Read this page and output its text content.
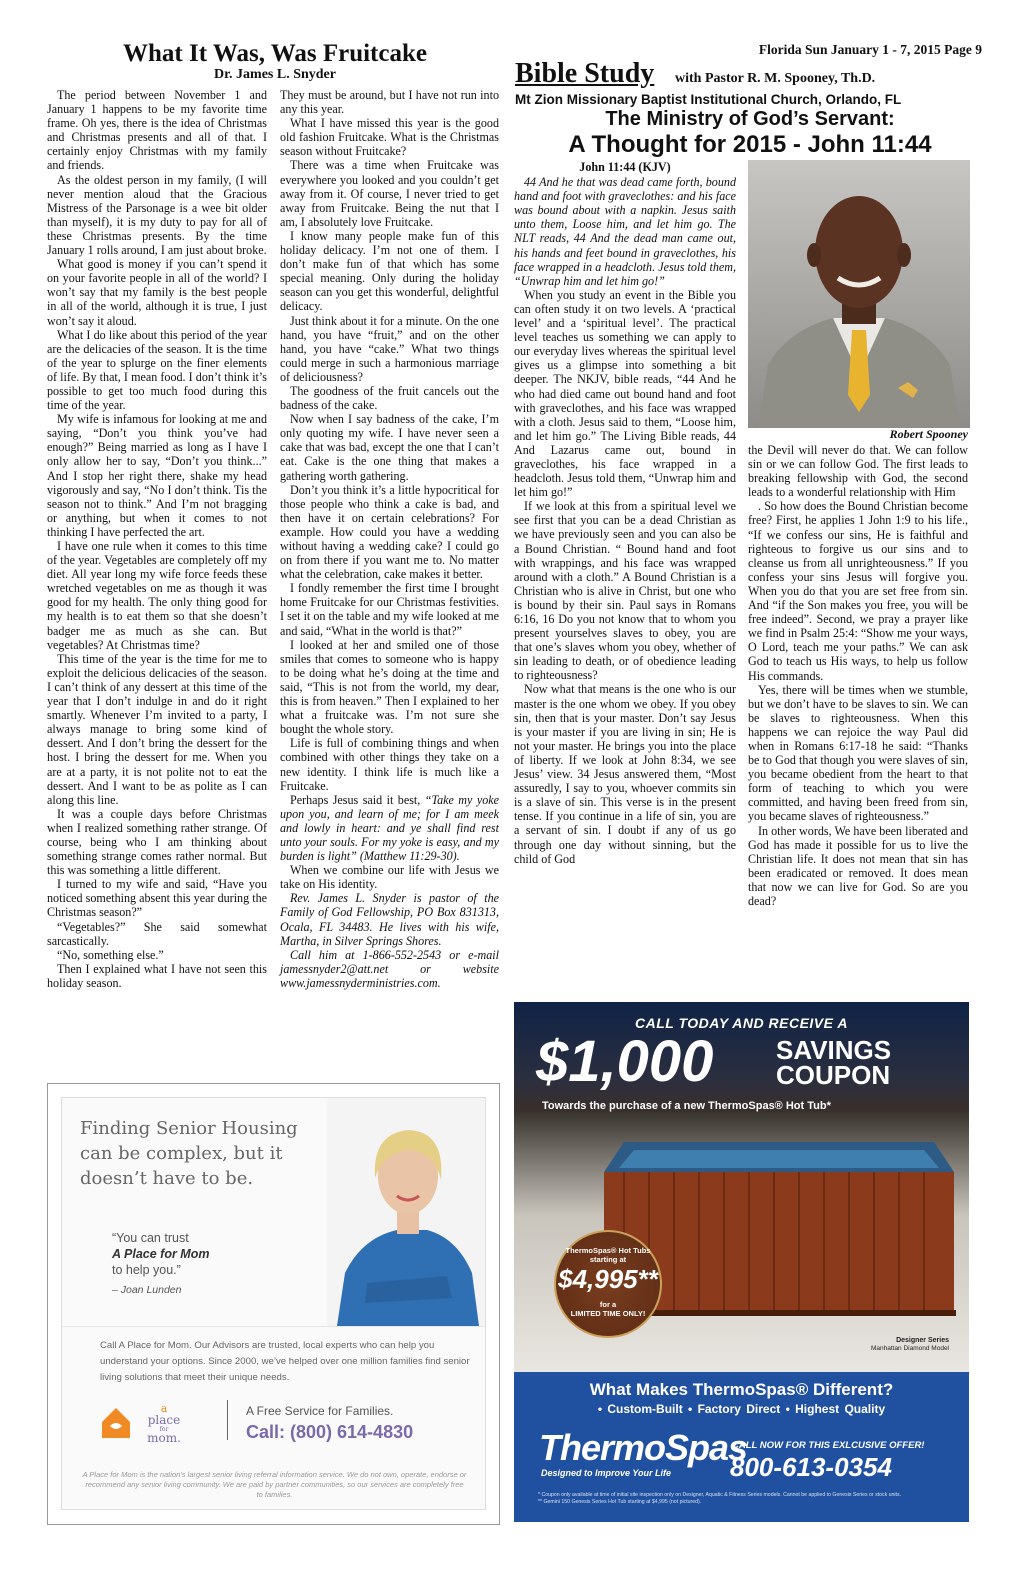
Florida Sun January 1 - 7, 2015 Page 9
What It Was, Was Fruitcake
Dr. James L. Snyder

The period between November 1 and January 1 happens to be my favorite time frame. Oh yes, there is the idea of Christmas and Christmas presents and all of that. I certainly enjoy Christmas with my family and friends.

As the oldest person in my family, (I will never mention aloud that the Gracious Mistress of the Parsonage is a wee bit older than myself), it is my duty to pay for all of these Christmas presents. By the time January 1 rolls around, I am just about broke.

What good is money if you can’t spend it on your favorite people in all of the world? I won’t say that my family is the best people in all of the world, although it is true, I just won’t say it aloud.

What I do like about this period of the year are the delicacies of the season. It is the time of the year to splurge on the finer elements of life. By that, I mean food. I don’t think it’s possible to get too much food during this time of the year.

My wife is infamous for looking at me and saying, “Don’t you think you’ve had enough?” Being married as long as I have I only allow her to say, “Don’t you think...” And I stop her right there, shake my head vigorously and say, “No I don’t think. Tis the season not to think.” And I’m not bragging or anything, but when it comes to not thinking I have perfected the art.

I have one rule when it comes to this time of the year. Vegetables are completely off my diet. All year long my wife force feeds these wretched vegetables on me as though it was good for my health. The only thing good for my health is to eat them so that she doesn’t badger me as much as she can. But vegetables? At Christmas time?

This time of the year is the time for me to exploit the delicious delicacies of the season. I can’t think of any dessert at this time of the year that I don’t indulge in and do it right smartly. Whenever I’m invited to a party, I always manage to bring some kind of dessert. And I don’t bring the dessert for the host. I bring the dessert for me. When you are at a party, it is not polite not to eat the dessert. And I want to be as polite as I can along this line.

It was a couple days before Christmas when I realized something rather strange. Of course, being who I am thinking about something strange comes rather normal. But this was something a little different.

I turned to my wife and said, “Have you noticed something absent this year during the Christmas season?”

“Vegetables?” She said somewhat sarcastically.

“No, something else.”

Then I explained what I have not seen this holiday season.

They must be around, but I have not run into any this year.

What I have missed this year is the good old fashion Fruitcake. What is the Christmas season without Fruitcake?

There was a time when Fruitcake was everywhere you looked and you couldn’t get away from it. Of course, I never tried to get away from Fruitcake. Being the nut that I am, I absolutely love Fruitcake.

I know many people make fun of this holiday delicacy. I’m not one of them. I don’t make fun of that which has some special meaning. Only during the holiday season can you get this wonderful, delightful delicacy.

Just think about it for a minute. On the one hand, you have “fruit,” and on the other hand, you have “cake.” What two things could merge in such a harmonious marriage of deliciousness?

The goodness of the fruit cancels out the badness of the cake.

Now when I say badness of the cake, I’m only quoting my wife. I have never seen a cake that was bad, except the one that I can’t eat. Cake is the one thing that makes a gathering worth gathering.

Don’t you think it’s a little hypocritical for those people who think a cake is bad, and then have it on certain celebrations? For example. How could you have a wedding without having a wedding cake? I could go on from there if you want me to. No matter what the celebration, cake makes it better.

I fondly remember the first time I brought home Fruitcake for our Christmas festivities. I set it on the table and my wife looked at me and said, “What in the world is that?”

I looked at her and smiled one of those smiles that comes to someone who is happy to be doing what he’s doing at the time and said, “This is not from the world, my dear, this is from heaven.” Then I explained to her what a fruitcake was. I’m not sure she bought the whole story.

Life is full of combining things and when combined with other things they take on a new identity. I think life is much like a Fruitcake.

Perhaps Jesus said it best, “Take my yoke upon you, and learn of me; for I am meek and lowly in heart: and ye shall find rest unto your souls. For my yoke is easy, and my burden is light” (Matthew 11:29-30).

When we combine our life with Jesus we take on His identity.

Rev. James L. Snyder is pastor of the Family of God Fellowship, PO Box 831313, Ocala, FL 34483. He lives with his wife, Martha, in Silver Springs Shores.

Call him at 1-866-552-2543 or e-mail jamessnyder2@att.net or website www.jamessnyderministries.com.

Bible Study with Pastor R. M. Spooney, Th.D.
Mt Zion Missionary Baptist Institutional Church, Orlando, FL
The Ministry of God’s Servant:
A Thought for 2015 - John 11:44

John 11:44 (KJV)

44 And he that was dead came forth, bound hand and foot with graveclothes: and his face was bound about with a napkin. Jesus saith unto them, Loose him, and let him go. The NLT reads, 44 And the dead man came out, his hands and feet bound in graveclothes, his face wrapped in a headcloth. Jesus told them, “Unwrap him and let him go!”

When you study an event in the Bible you can often study it on two levels. A ‘practical level’ and a ‘spiritual level’. The practical level teaches us something we can apply to our everyday lives whereas the spiritual level gives us a glimpse into something a bit deeper. The NKJV, bible reads, “44 And he who had died came out bound hand and foot with graveclothes, and his face was wrapped with a cloth. Jesus said to them, “Loose him, and let him go.” The Living Bible reads, 44 And Lazarus came out, bound in graveclothes, his face wrapped in a headcloth. Jesus told them, “Unwrap him and let him go!”

If we look at this from a spiritual level we see first that you can be a dead Christian as we have previously seen and you can also be a Bound Christian. “ Bound hand and foot with wrappings, and his face was wrapped around with a cloth.” A Bound Christian is a Christian who is alive in Christ, but one who is bound by their sin. Paul says in Romans 6:16, 16 Do you not know that to whom you present yourselves slaves to obey, you are that one’s slaves whom you obey, whether of sin leading to death, or of obedience leading to righteousness?

Now what that means is the one who is our master is the one whom we obey. If you obey sin, then that is your master. Don’t say Jesus is your master if you are living in sin; He is not your master. He brings you into the place of liberty. If we look at John 8:34, we see Jesus’ view. 34 Jesus answered them, “Most assuredly, I say to you, whoever commits sin is a slave of sin. This verse is in the present tense. If you continue in a life of sin, you are a servant of sin. I doubt if any of us go through one day without sinning, but the child of God

Robert Spooney

the Devil will never do that. We can follow sin or we can follow God. The first leads to breaking fellowship with God, the second leads to a wonderful relationship with Him

. So how does the Bound Christian become free? First, he applies 1 John 1:9 to his life., “If we confess our sins, He is faithful and righteous to forgive us our sins and to cleanse us from all unrighteousness.” If you confess your sins Jesus will forgive you. When you do that you are set free from sin. And “if the Son makes you free, you will be free indeed”. Second, we pray a prayer like we find in Psalm 25:4: “Show me your ways, O Lord, teach me your paths.” We can ask God to teach us His ways, to help us follow His commands.

Yes, there will be times when we stumble, but we don’t have to be slaves to sin. We can be slaves to righteousness. When this happens we can rejoice the way Paul did when in Romans 6:17-18 he said: “Thanks be to God that though you were slaves of sin, you became obedient from the heart to that form of teaching to which you were committed, and having been freed from sin, you became slaves of righteousness.”

In other words, We have been liberated and God has made it possible for us to live the Christian life. It does not mean that sin has been eradicated or removed. It does mean that now we can live for God. So are you dead?

Finding Senior Housing can be complex, but it doesn’t have to be.
“You can trust
A Place for Mom
to help you.”
– Joan Lunden
Call A Place for Mom. Our Advisors are trusted, local experts who can help you understand your options. Since 2000, we’ve helped over one million families find senior living solutions that meet their unique needs.
a
place
for
mom.
A Free Service for Families.
Call: (800) 614-4830
A Place for Mom is the nation’s largest senior living referral information service. We do not own, operate, endorse or recommend any senior living community. We are paid by partner communities, so our services are completely free to families.
CALL TODAY AND RECEIVE A
$1,000 SAVINGS
COUPON
Towards the purchase of a new ThermoSpas® Hot Tub*
ThermoSpas® Hot Tubs starting at
$4,995**
for a
LIMITED TIME ONLY!
Designer Series
Manhattan Diamond Model
What Makes ThermoSpas® Different?
• Custom-Built • Factory Direct • Highest Quality
ThermoSpas
Designed to Improve Your Life
CALL NOW FOR THIS EXLCUSIVE OFFER!
800-613-0354
* Coupon only available at time of initial site inspection only on Designer, Aquatic & Fitness Series models. Cannot be applied to Genesis Series or stock units.
** Gemini 150 Genesis Series Hot Tub starting at $4,995 (not pictured).
